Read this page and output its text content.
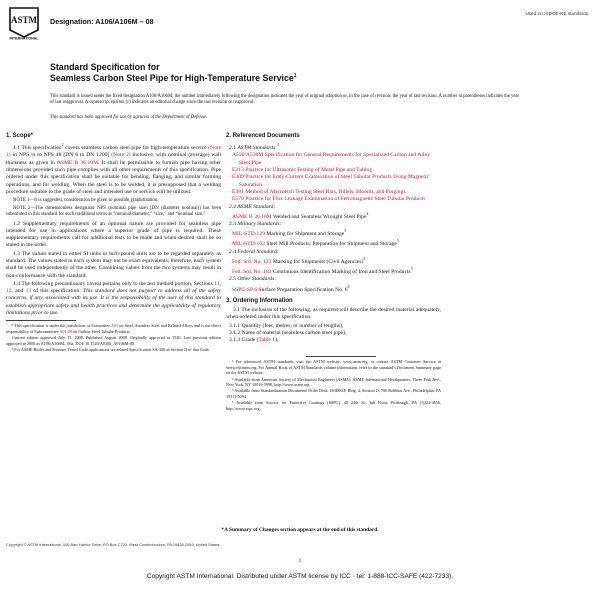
ASTM
INTERNATIONAL
Designation: A106/A106M – 08
Used in USDOE-NE standards
Standard Specification for
Seamless Carbon Steel Pipe for High-Temperature Service$^1$
This standard is issued under the fixed designation A106/A106M; the number immediately following the designation indicates the year of original adoption or, in the case of revision, the year of last revision. A number in parentheses indicates the year of last reapproval. A superscript epsilon (ε) indicates an editorial change since the last revision or reapproval.
This standard has been approved for use by agencies of the Department of Defense.
1. Scope*
1.1 This specification$^2$ covers seamless carbon steel pipe for high-temperature service (Note 1) in NPS ⅛ to NPS 48 [DN 6 to DN 1200] (Note 2) inclusive, with nominal (average) wall thickness as given in ASME B 36.10M. It shall be permissible to furnish pipe having other dimensions provided such pipe complies with all other requirements of this specification. Pipe ordered under this specification shall be suitable for bending, flanging, and similar forming operations, and for welding. When the steel is to be welded, it is presupposed that a welding procedure suitable to the grade of steel and intended use or service will be utilized.
NOTE 1—It is suggested, consideration be given to possible graphitization.
NOTE 2—The dimensionless designator NPS (nominal pipe size) [DN (diameter nominal)] has been substituted in this standard for such traditional terms as “nominal diameter,” “size,” and “nominal size.”
1.2 Supplementary requirements of an optional nature are provided for seamless pipe intended for use in applications where a superior grade of pipe is required. These supplementary requirements call for additional tests to be made and when desired shall be so stated in the order.
1.3 The values stated in either SI units or inch-pound units are to be regarded separately as standard. The values stated in each system may not be exact equivalents; therefore, each system shall be used independently of the other. Combining values from the two systems may result in non-conformance with the standard.
1.4 The following precautionary caveat pertains only to the test method portion, Sections 11, 12, and 13 of this specification: This standard does not purport to address all of the safety concerns, if any, associated with its use. It is the responsibility of the user of this standard to establish appropriate safety and health practices and determine the applicability of regulatory limitations prior to use.
¹ This specification is under the jurisdiction of Committee A01 on Steel, Stainless Steel and Related Alloys and is the direct responsibility of Subcommittee A01.09 on Carbon Steel Tubular Products.
Current edition approved July 15, 2008. Published August 2008. Originally approved in 1926. Last previous edition approved in 2006 as A106/A106M– 06a. DOI: 10.1520/A0106_A0106M-08.
² For ASME Boiler and Pressure Vessel Code applications see related Specification SA-106 in Section II of that Code.
2. Referenced Documents
2.1 ASTM Standards:$^3$
A530/A530M Specification for General Requirements for Specialized Carbon and Alloy Steel Pipe
E213 Practice for Ultrasonic Testing of Metal Pipe and Tubing
E309 Practice for Eddy-Current Examination of Steel Tubular Products Using Magnetic Saturation
E381 Method of Macroetch Testing Steel Bars, Billets, Blooms, and Forgings
E570 Practice for Flux Leakage Examination of Ferromagnetic Steel Tubular Products
2.2 ASME Standard:
ASME B 36.10M Welded and Seamless Wrought Steel Pipe$^4$
2.3 Military Standards:
MIL-STD-129 Marking for Shipment and Storage$^5$
MIL-STD-163 Steel Mill Products, Preparation for Shipment and Storage$^5$
2.4 Federal Standard:
Fed. Std. No. 123 Marking for Shipments (Civil Agencies)$^5$
Fed. Std. No. 183 Continuous Identification Marking of Iron and Steel Products$^5$
2.5 Other Standards:
SSPC-SP 6 Surface Preparation Specification No. $6^6$
3. Ordering Information
3.1 The inclusion of the following, as required will describe the desired material adequately, when ordered under this specification:
3.1.1 Quantity (feet, metres, or number of lengths),
3.1.2 Name of material (seamless carbon steel pipe),
3.1.3 Grade (Table 1),
³ For referenced ASTM standards, visit the ASTM website, www.astm.org, or contact ASTM Customer Service at service@astm.org. For Annual Book of ASTM Standards volume information, refer to the standard’s Document Summary page on the ASTM website.
⁴ Available from American Society of Mechanical Engineers (ASME), ASME International Headquarters, Three Park Ave., New York, NY 10016-5990, http://www.asme.org.
⁵ Available from Standardization Documents Order Desk, DODSSP, Bldg. 4, Section D, 700 Robbins Ave., Philadelphia, PA 19111-5094.
⁶ Available from Society for Protective Coatings (SSPC), 40 24th St., 6th Floor, Pittsburgh, PA 15222-4656, http://www.sspc.org.
*A Summary of Changes section appears at the end of this standard.
Copyright © ASTM International, 100 Barr Harbor Drive, PO Box C700, West Conshohocken, PA 19428-2959, United States.
1
Copyright ASTM International. Distributed under ASTM license by ICC · tel: 1-888-ICC-SAFE (422-7233).
